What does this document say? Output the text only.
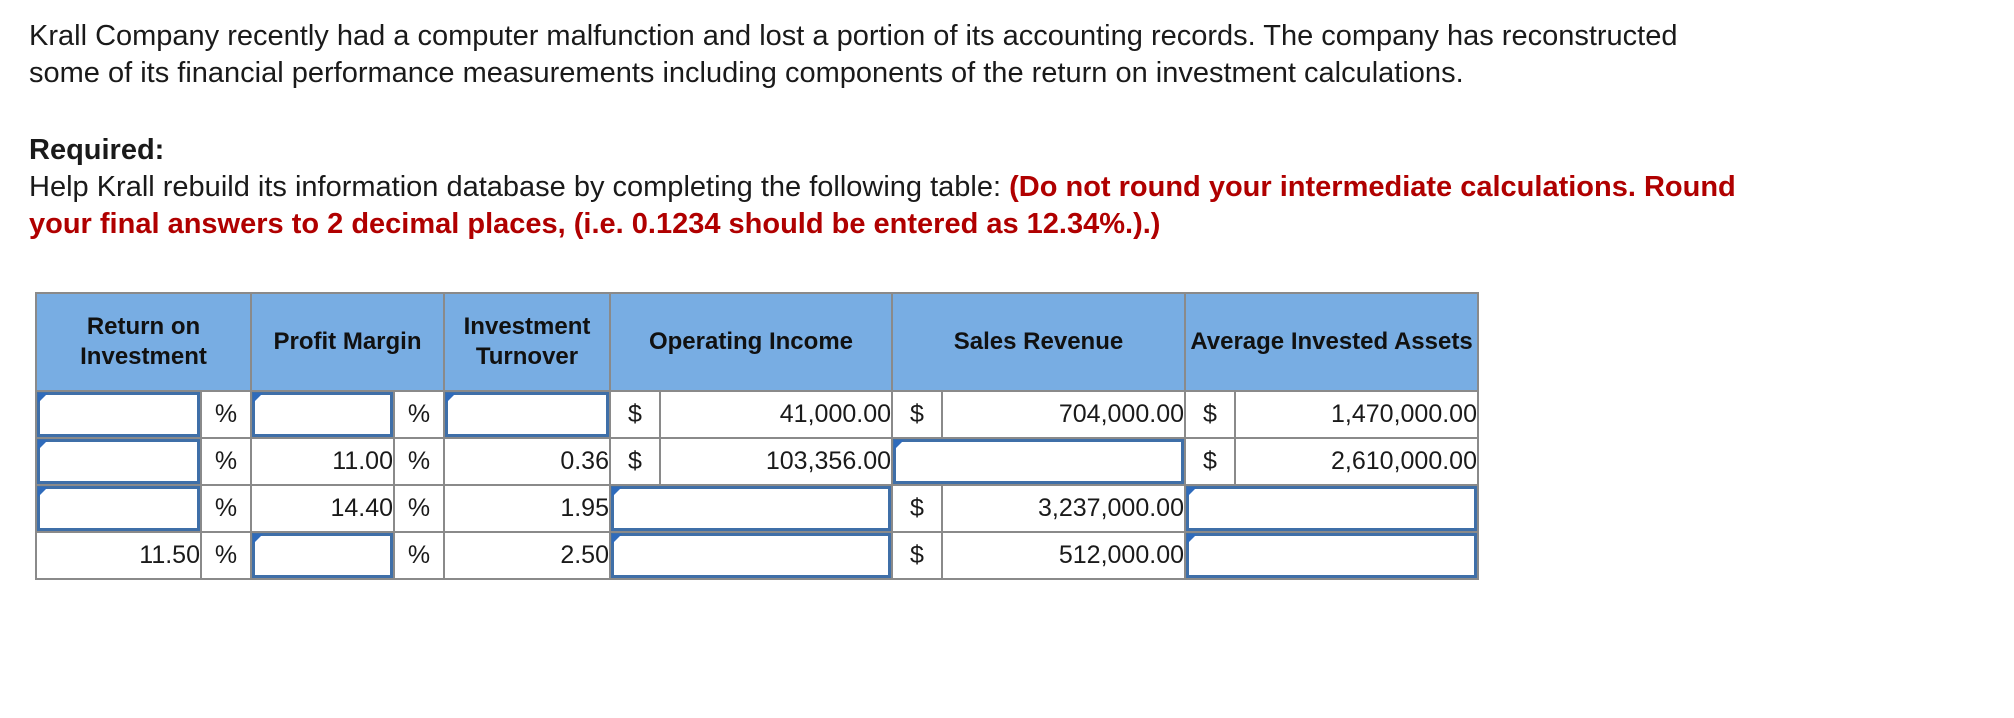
Krall Company recently had a computer malfunction and lost a portion of its accounting records. The company has reconstructed
some of its financial performance measurements including components of the return on investment calculations.

Required:

Help Krall rebuild its information database by completing the following table: (Do not round your intermediate calculations. Round
your final answers to 2 decimal places, (i.e. 0.1234 should be entered as 12.34%.).)

Return on Investment		Profit Margin		Investment Turnover	Operating Income		Sales Revenue		Average Invested Assets	

	%		%		$	41,000.00	$	704,000.00	$	1,470,000.00

	%	11.00	%	0.36	$	103,356.00			$	2,610,000.00

	%	14.40	%	1.95			$	3,237,000.00	

11.50	%		%	2.50			$	512,000.00	
